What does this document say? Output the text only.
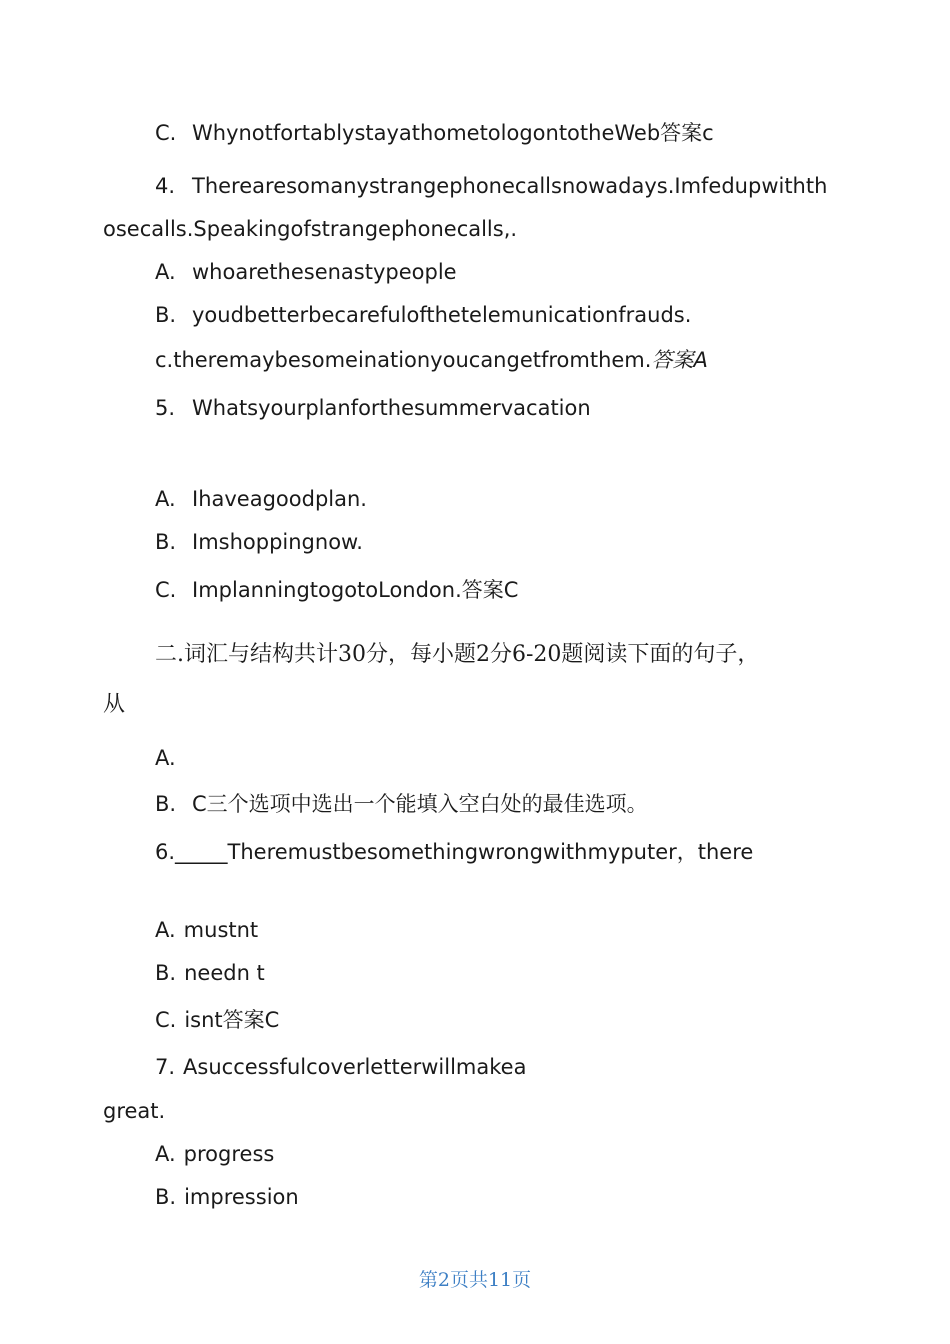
C. WhynotfortablystayathometologontotheWeb答案c
4. Therearesomanystrangephonecallsnowadays.Imfedupwithth
osecalls.Speakingofstrangephonecalls,.
A. whoarethesenastypeople
B. youdbetterbecarefulofthetelemunicationfrauds.
c.theremaybesomeinationyoucangetfromthem.答案A
5. Whatsyourplanforthesummervacation
A. Ihaveagoodplan.
B. Imshoppingnow.
C. ImplanningtogotoLondon.答案C
二.词汇与结构共计30分，每小题2分6-20题阅读下面的句子，
从
A.
B. C三个选项中选出一个能填入空白处的最佳选项。
6._____Theremustbesomethingwrongwithmyputer，there
A. mustnt
B. needn t
C. isnt答案C
7. Asuccessfulcoverletterwillmakea
great.
A. progress
B. impression
第2页共11页
